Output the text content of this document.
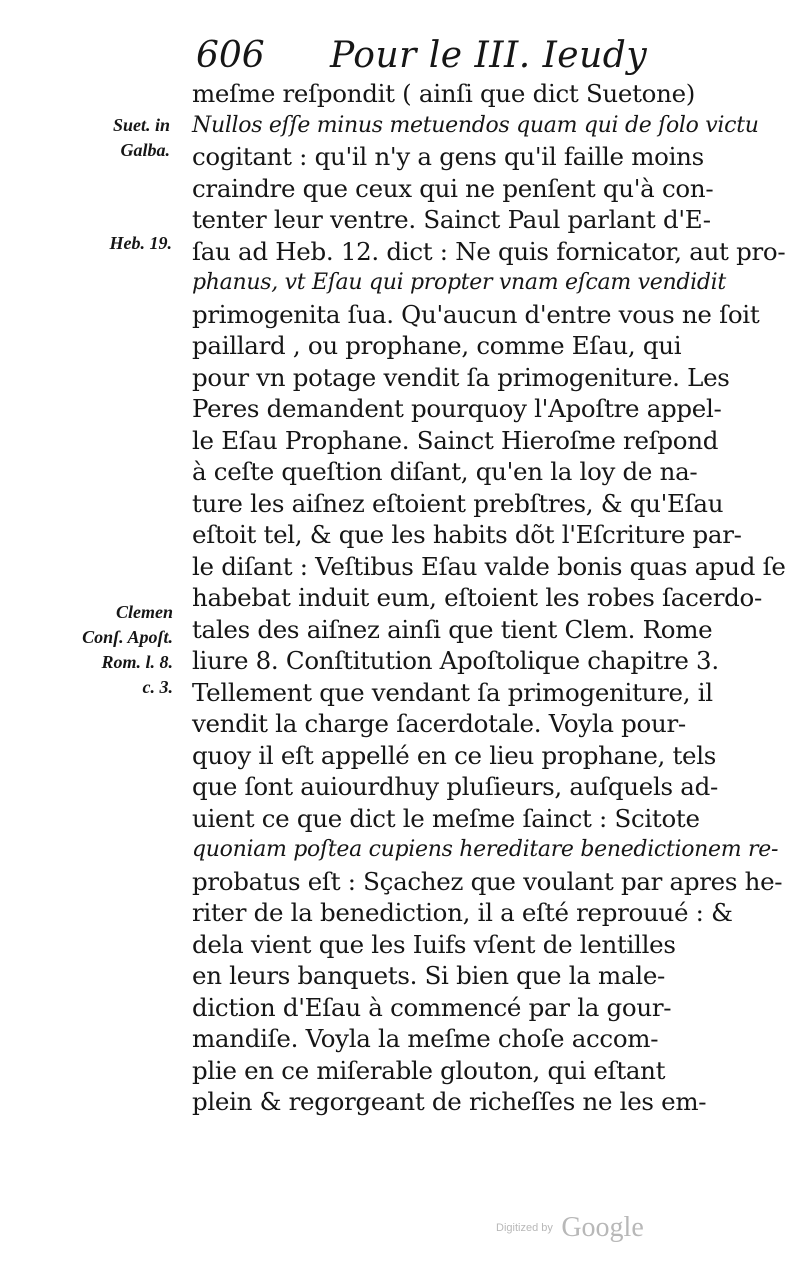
606 Pour le III. Ieudy
Suet. in
Galba.
Heb. 19.
Clemen
Conſ. Apoſt.
Rom. l. 8.
c. 3.
meſme reſpondit ( ainſi que dict Suetone)
Nullos eſſe minus metuendos quam qui de ſolo victu
cogitant : qu'il n'y a gens qu'il faille moins
craindre que ceux qui ne penſent qu'à con-
tenter leur ventre. Sainct Paul parlant d'E-
ſau ad Heb. 12. dict : Ne quis fornicator, aut pro-
phanus, vt Eſau qui propter vnam eſcam vendidit
primogenita ſua. Qu'aucun d'entre vous ne ſoit
paillard , ou prophane, comme Eſau, qui
pour vn potage vendit ſa primogeniture. Les
Peres demandent pourquoy l'Apoſtre appel-
le Eſau Prophane. Sainct Hieroſme reſpond
à ceſte queſtion diſant, qu'en la loy de na-
ture les aiſnez eſtoient prebſtres, & qu'Eſau
eſtoit tel, & que les habits dõt l'Eſcriture par-
le diſant : Veſtibus Eſau valde bonis quas apud ſe
habebat induit eum, eſtoient les robes ſacerdo-
tales des aiſnez ainſi que tient Clem. Rome
liure 8. Conſtitution Apoſtolique chapitre 3.
Tellement que vendant ſa primogeniture, il
vendit la charge ſacerdotale. Voyla pour-
quoy il eſt appellé en ce lieu prophane, tels
que ſont auiourdhuy pluſieurs, auſquels ad-
uient ce que dict le meſme ſainct : Scitote
quoniam poſtea cupiens hereditare benedictionem re-
probatus eſt : Sçachez que voulant par apres he-
riter de la benediction, il a eſté reprouué : &
dela vient que les Iuifs vſent de lentilles
en leurs banquets. Si bien que la male-
diction d'Eſau à commencé par la gour-
mandiſe. Voyla la meſme choſe accom-
plie en ce miſerable glouton, qui eſtant
plein & regorgeant de richeſſes ne les em-
Digitized by Google
